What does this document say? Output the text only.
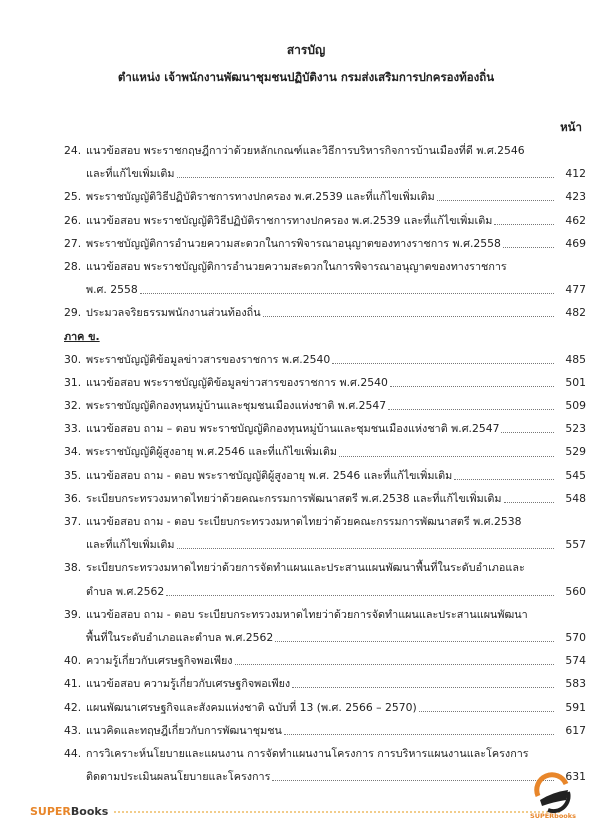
สารบัญ
ตำแหน่ง เจ้าพนักงานพัฒนาชุมชนปฏิบัติงาน กรมส่งเสริมการปกครองท้องถิ่น
หน้า
24. แนวข้อสอบ พระราชกฤษฎีกาว่าด้วยหลักเกณฑ์และวิธีการบริหารกิจการบ้านเมืองที่ดี พ.ศ.2546
และที่แก้ไขเพิ่มเติม	412
25. พระราชบัญญัติวิธีปฏิบัติราชการทางปกครอง พ.ศ.2539 และที่แก้ไขเพิ่มเติม	423
26. แนวข้อสอบ พระราชบัญญัติวิธีปฏิบัติราชการทางปกครอง พ.ศ.2539 และที่แก้ไขเพิ่มเติม	462
27. พระราชบัญญัติการอำนวยความสะดวกในการพิจารณาอนุญาตของทางราชการ พ.ศ.2558	469
28. แนวข้อสอบ พระราชบัญญัติการอำนวยความสะดวกในการพิจารณาอนุญาตของทางราชการ
พ.ศ. 2558	477
29. ประมวลจริยธรรมพนักงานส่วนท้องถิ่น	482
ภาค ข.
30. พระราชบัญญัติข้อมูลข่าวสารของราชการ พ.ศ.2540	485
31. แนวข้อสอบ พระราชบัญญัติข้อมูลข่าวสารของราชการ พ.ศ.2540	501
32. พระราชบัญญัติกองทุนหมู่บ้านและชุมชนเมืองแห่งชาติ พ.ศ.2547	509
33. แนวข้อสอบ ถาม – ตอบ พระราชบัญญัติกองทุนหมู่บ้านและชุมชนเมืองแห่งชาติ พ.ศ.2547	523
34. พระราชบัญญัติผู้สูงอายุ พ.ศ.2546 และที่แก้ไขเพิ่มเติม	529
35. แนวข้อสอบ ถาม - ตอบ พระราชบัญญัติผู้สูงอายุ พ.ศ. 2546 และที่แก้ไขเพิ่มเติม	545
36. ระเบียบกระทรวงมหาดไทยว่าด้วยคณะกรรมการพัฒนาสตรี พ.ศ.2538 และที่แก้ไขเพิ่มเติม	548
37. แนวข้อสอบ ถาม - ตอบ ระเบียบกระทรวงมหาดไทยว่าด้วยคณะกรรมการพัฒนาสตรี พ.ศ.2538
และที่แก้ไขเพิ่มเติม	557
38. ระเบียบกระทรวงมหาดไทยว่าด้วยการจัดทำแผนและประสานแผนพัฒนาพื้นที่ในระดับอำเภอและ
ตำบล พ.ศ.2562	560
39. แนวข้อสอบ ถาม - ตอบ ระเบียบกระทรวงมหาดไทยว่าด้วยการจัดทำแผนและประสานแผนพัฒนา
พื้นที่ในระดับอำเภอและตำบล พ.ศ.2562	570
40. ความรู้เกี่ยวกับเศรษฐกิจพอเพียง	574
41. แนวข้อสอบ ความรู้เกี่ยวกับเศรษฐกิจพอเพียง	583
42. แผนพัฒนาเศรษฐกิจและสังคมแห่งชาติ ฉบับที่ 13 (พ.ศ. 2566 – 2570)	591
43. แนวคิดและทฤษฎีเกี่ยวกับการพัฒนาชุมชน	617
44. การวิเคราะห์นโยบายและแผนงาน การจัดทำแผนงานโครงการ การบริหารแผนงานและโครงการ
ติดตามประเมินผลนโยบายและโครงการ	631
SUPERBooks	SUPERbooks
